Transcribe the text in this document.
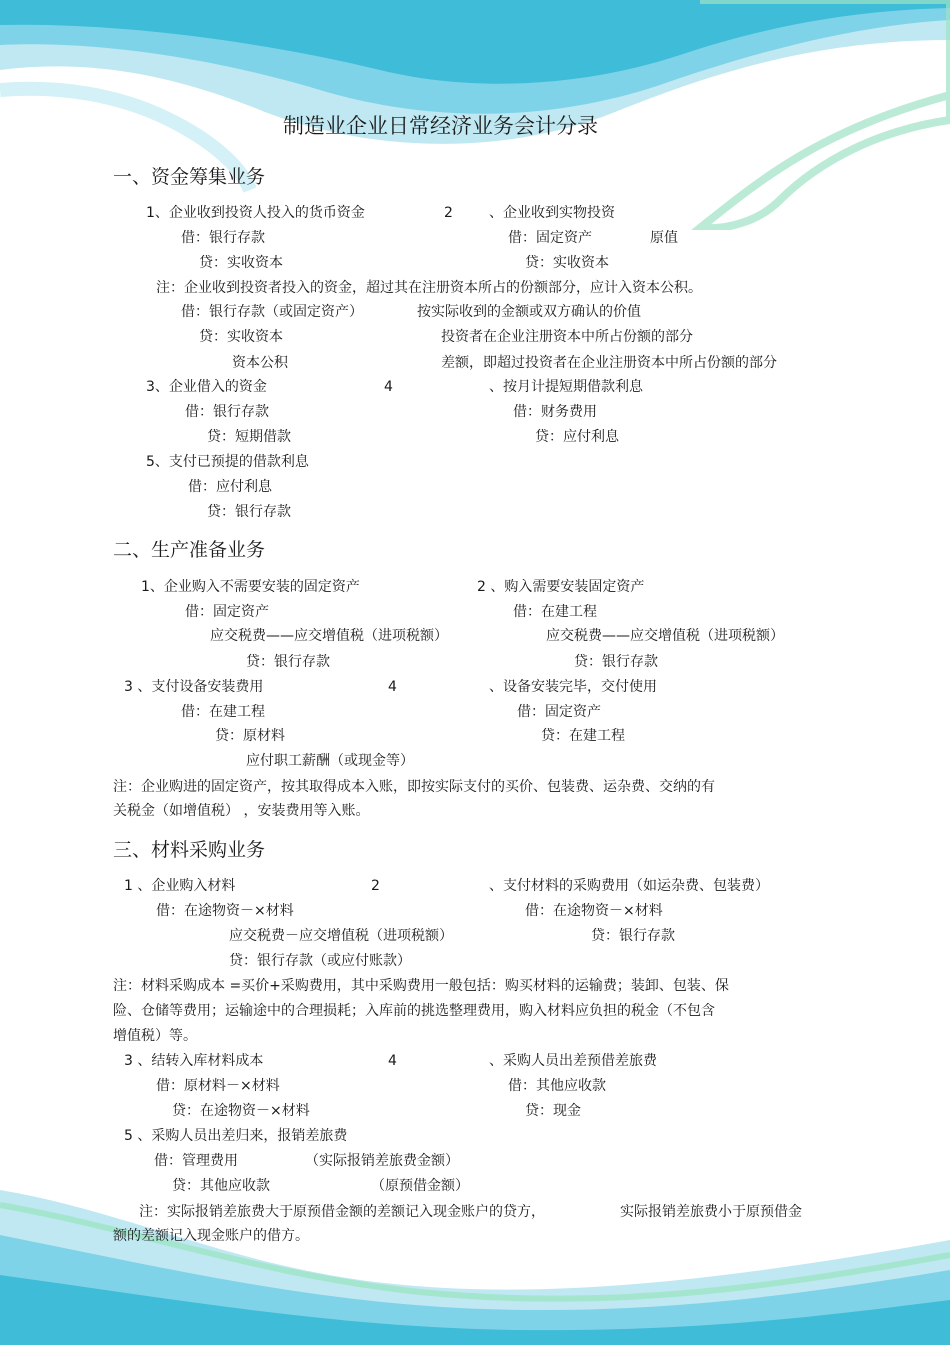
制造业企业日常经济业务会计分录
一、资金筹集业务
1、企业收到投资人投入的货币资金	2	、企业收到实物投资
借：银行存款	借：固定资产	原值
贷：实收资本	贷：实收资本
注：企业收到投资者投入的资金，超过其在注册资本所占的份额部分，应计入资本公积。
借：银行存款（或固定资产）	按实际收到的金额或双方确认的价值
贷：实收资本	投资者在企业注册资本中所占份额的部分
资本公积	差额，即超过投资者在企业注册资本中所占份额的部分
3、企业借入的资金	4	、按月计提短期借款利息
借：银行存款	借：财务费用
贷：短期借款	贷：应付利息
5、支付已预提的借款利息
借：应付利息
贷：银行存款
二、生产准备业务
1、企业购入不需要安装的固定资产	2 、购入需要安装固定资产
借：固定资产	借：在建工程
应交税费——应交增值税（进项税额）	应交税费——应交增值税（进项税额）
贷：银行存款	贷：银行存款
3 、支付设备安装费用	4	、设备安装完毕，交付使用
借：在建工程	借：固定资产
贷：原材料	贷：在建工程
应付职工薪酬（或现金等）
注：企业购进的固定资产，按其取得成本入账，即按实际支付的买价、包装费、运杂费、交纳的有
关税金（如增值税） ，安装费用等入账。
三、材料采购业务
1 、企业购入材料	2	、支付材料的采购费用（如运杂费、包装费）
借：在途物资－×材料	借：在途物资－×材料
应交税费－应交增值税（进项税额）	贷：银行存款
贷：银行存款（或应付账款）
注：材料采购成本 =买价+采购费用，其中采购费用一般包括：购买材料的运输费；装卸、包装、保
险、仓储等费用；运输途中的合理损耗；入库前的挑选整理费用，购入材料应负担的税金（不包含
增值税）等。
3 、结转入库材料成本	4	、采购人员出差预借差旅费
借：原材料－×材料	借：其他应收款
贷：在途物资－×材料	贷：现金
5 、采购人员出差归来，报销差旅费
借：管理费用	（实际报销差旅费金额）
贷：其他应收款	（原预借金额）
注：实际报销差旅费大于原预借金额的差额记入现金账户的贷方，	实际报销差旅费小于原预借金
额的差额记入现金账户的借方。
